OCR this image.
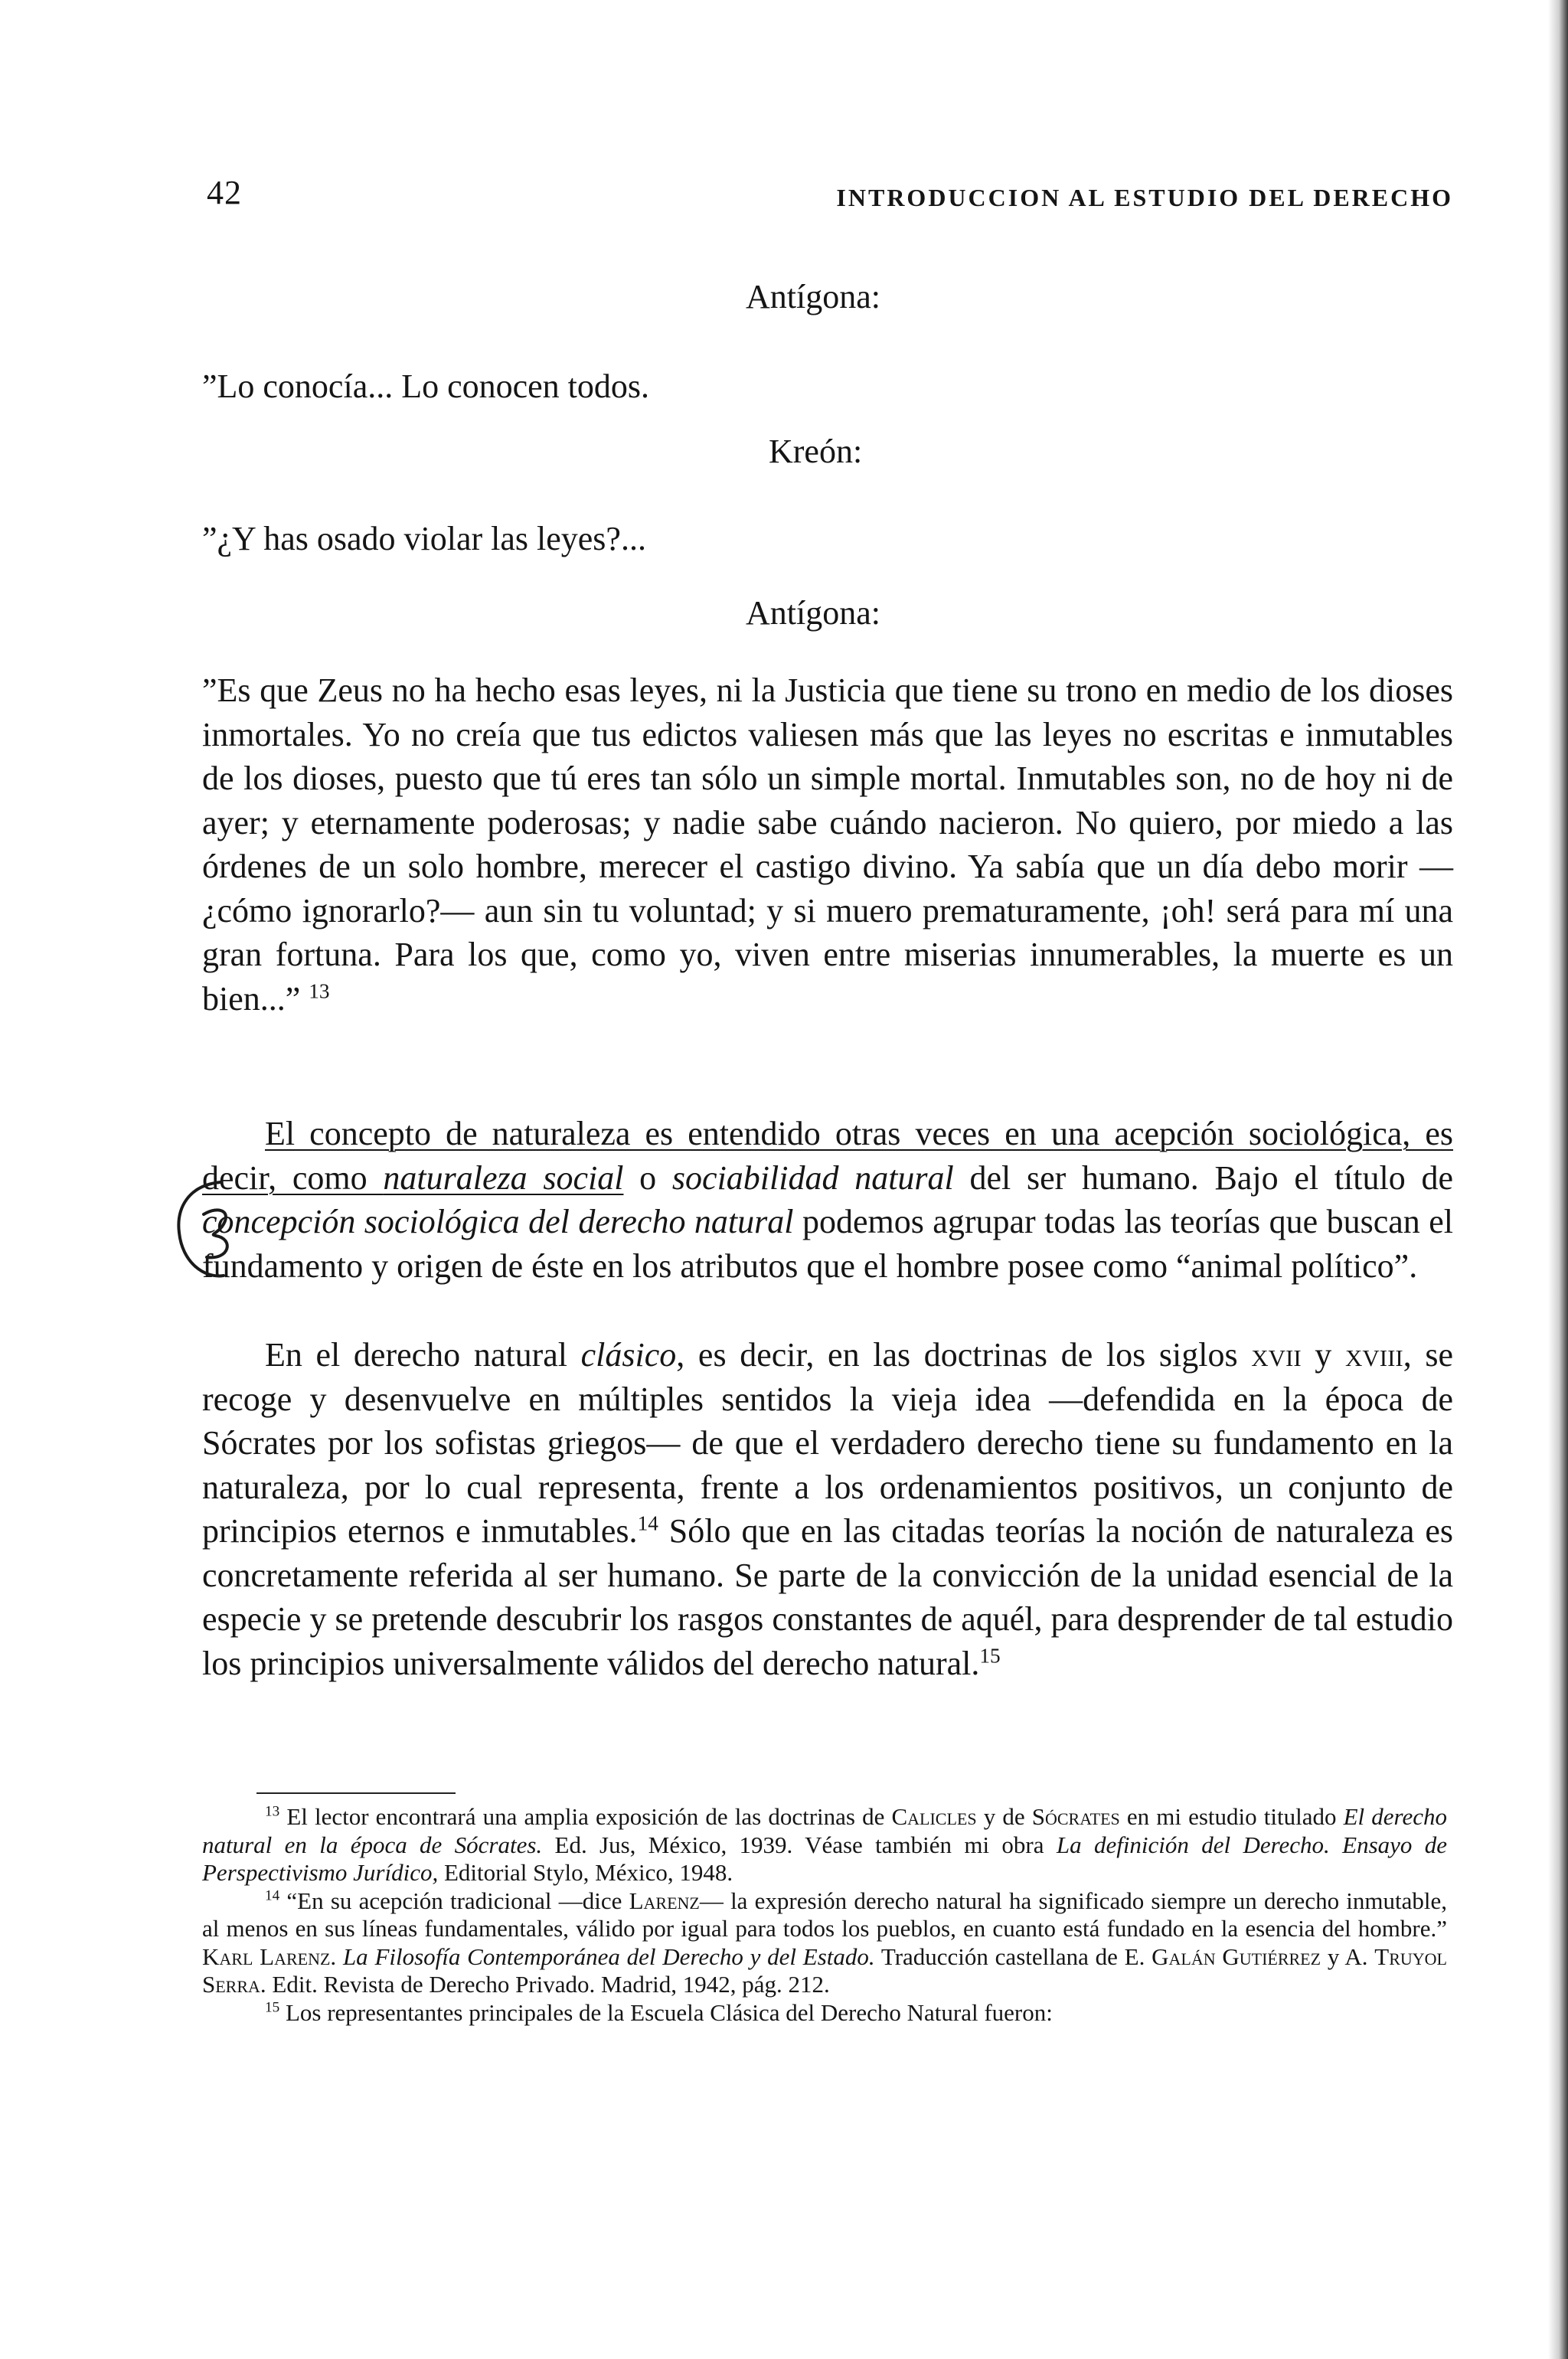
42	INTRODUCCION AL ESTUDIO DEL DERECHO
Antígona:

”Lo conocía... Lo conocen todos.

Kreón:

”¿Y has osado violar las leyes?...

Antígona:

”Es que Zeus no ha hecho esas leyes, ni la Justicia que tiene su trono en medio de los dioses inmortales. Yo no creía que tus edictos valiesen más que las leyes no escritas e inmutables de los dioses, puesto que tú eres tan sólo un simple mortal. Inmutables son, no de hoy ni de ayer; y eternamente poderosas; y nadie sabe cuándo nacieron. No quiero, por miedo a las órdenes de un solo hombre, merecer el castigo divino. Ya sabía que un día debo morir —¿cómo ignorarlo?— aun sin tu voluntad; y si muero prematuramente, ¡oh! será para mí una gran fortuna. Para los que, como yo, viven entre miserias innumerables, la muerte es un bien...” $^{13}$

El concepto de naturaleza es entendido otras veces en una acepción sociológica, es decir, como naturaleza social o sociabilidad natural del ser humano. Bajo el título de concepción sociológica del derecho natural podemos agrupar todas las teorías que buscan el fundamento y origen de éste en los atributos que el hombre posee como “animal político”.

En el derecho natural clásico, es decir, en las doctrinas de los siglos xvii y xviii, se recoge y desenvuelve en múltiples sentidos la vieja idea —defendida en la época de Sócrates por los sofistas griegos— de que el verdadero derecho tiene su fundamento en la naturaleza, por lo cual representa, frente a los ordenamientos positivos, un conjunto de principios eternos e inmutables.$^{14}$ Sólo que en las citadas teorías la noción de naturaleza es concretamente referida al ser humano. Se parte de la convicción de la unidad esencial de la especie y se pretende descubrir los rasgos constantes de aquél, para desprender de tal estudio los principios universalmente válidos del derecho natural.$^{15}$

$^{13}$ El lector encontrará una amplia exposición de las doctrinas de Calicles y de Sócrates en mi estudio titulado El derecho natural en la época de Sócrates. Ed. Jus, México, 1939. Véase también mi obra La definición del Derecho. Ensayo de Perspectivismo Jurídico, Editorial Stylo, México, 1948.

$^{14}$ “En su acepción tradicional —dice Larenz— la expresión derecho natural ha significado siempre un derecho inmutable, al menos en sus líneas fundamentales, válido por igual para todos los pueblos, en cuanto está fundado en la esencia del hombre.” Karl Larenz. La Filosofía Contemporánea del Derecho y del Estado. Traducción castellana de E. Galán Gutiérrez y A. Truyol Serra. Edit. Revista de Derecho Privado. Madrid, 1942, pág. 212.

$^{15}$ Los representantes principales de la Escuela Clásica del Derecho Natural fueron:
